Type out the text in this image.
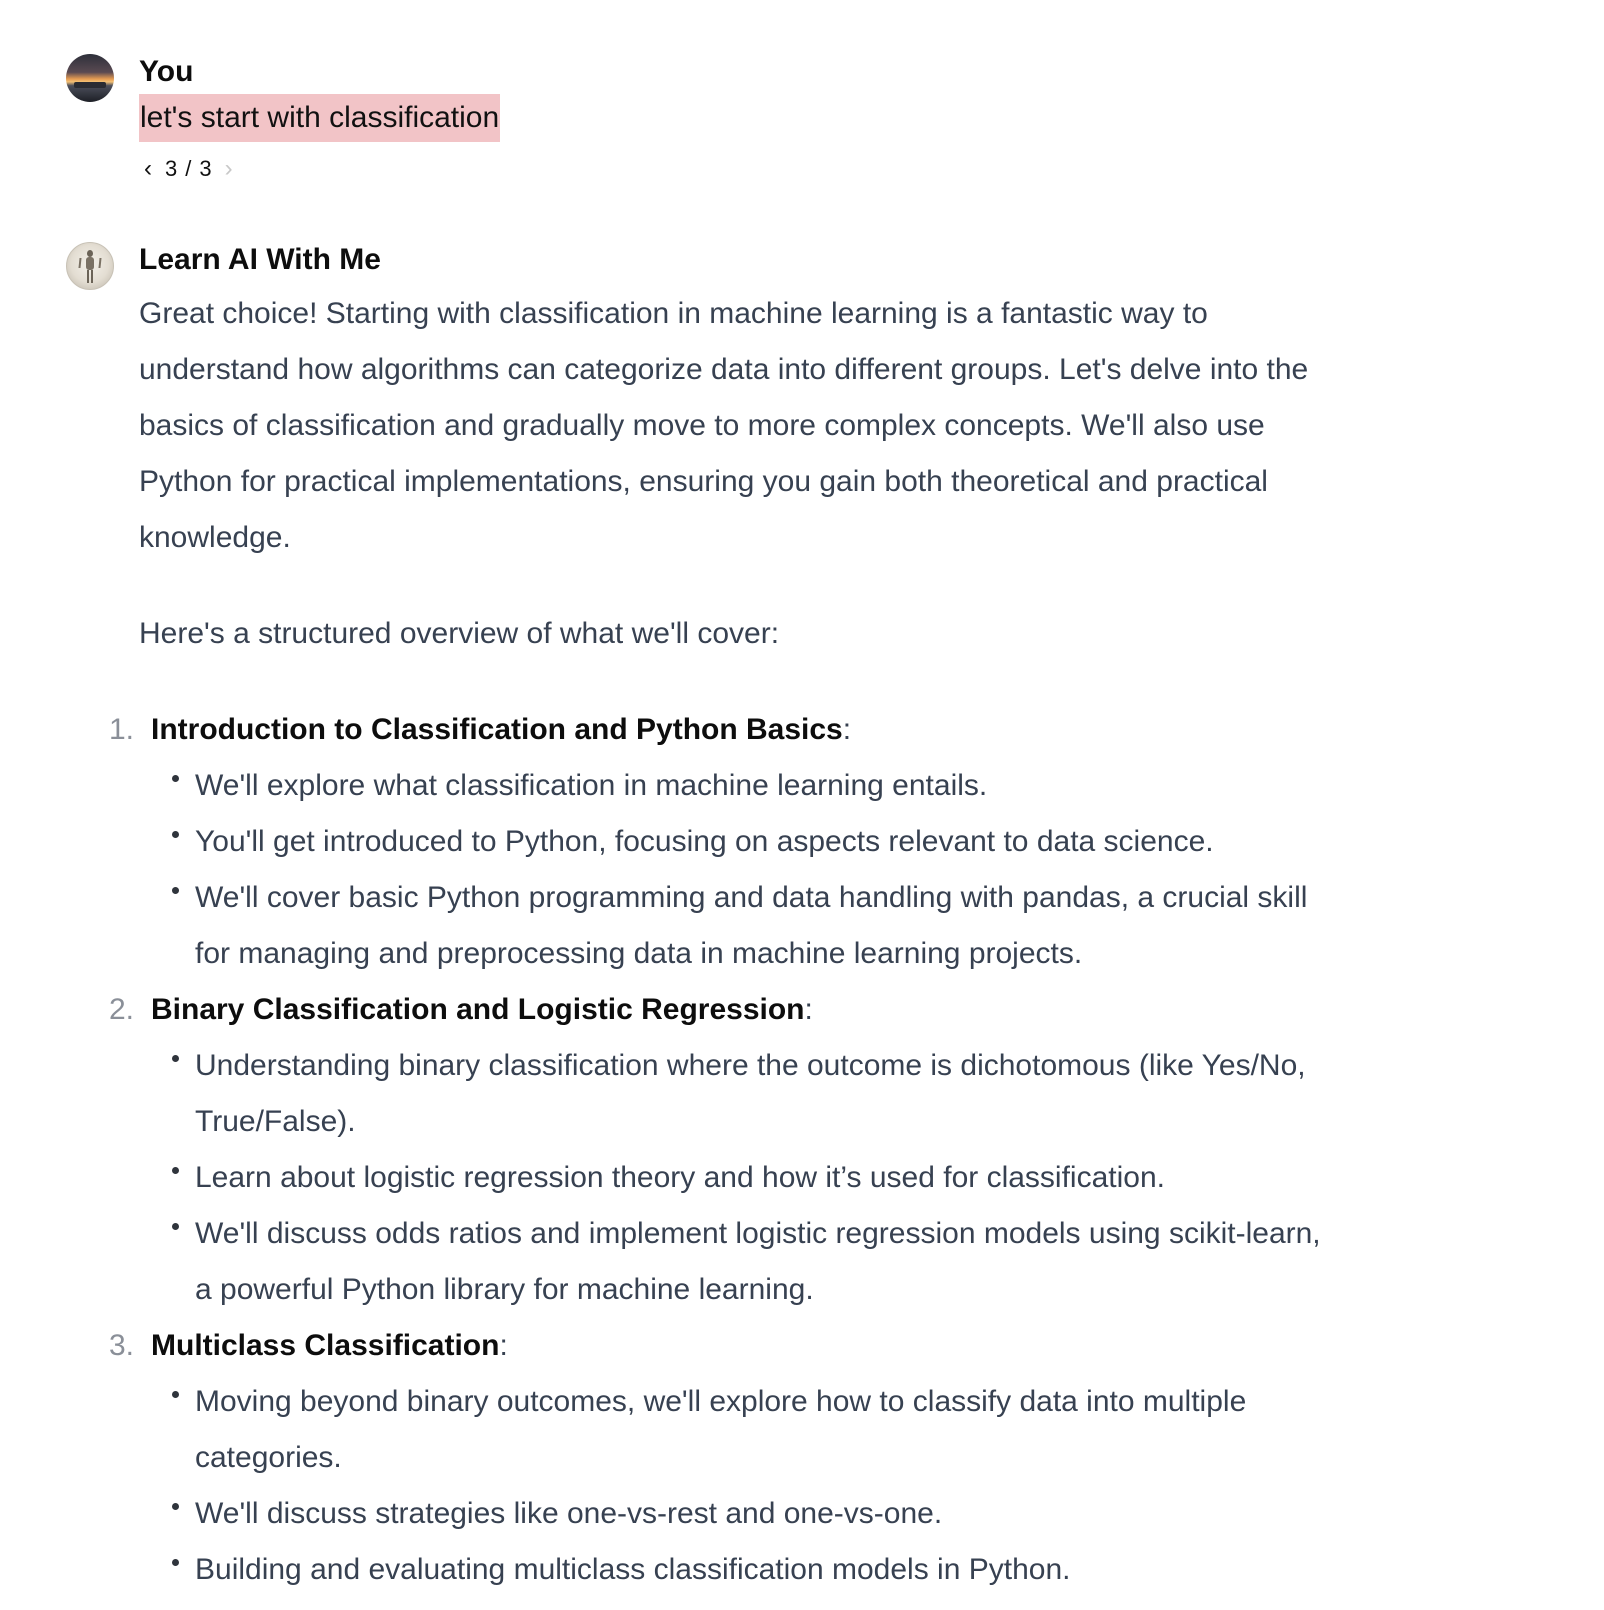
You
let's start with classification
‹ 3 / 3 ›
Learn AI With Me

Great choice! Starting with classification in machine learning is a fantastic way to understand how algorithms can categorize data into different groups. Let's delve into the basics of classification and gradually move to more complex concepts. We'll also use Python for practical implementations, ensuring you gain both theoretical and practical knowledge.

Here's a structured overview of what we'll cover:

1. Introduction to Classification and Python Basics:
We'll explore what classification in machine learning entails.
You'll get introduced to Python, focusing on aspects relevant to data science.
We'll cover basic Python programming and data handling with pandas, a crucial skill for managing and preprocessing data in machine learning projects.
2. Binary Classification and Logistic Regression:
Understanding binary classification where the outcome is dichotomous (like Yes/No, True/False).
Learn about logistic regression theory and how it’s used for classification.
We'll discuss odds ratios and implement logistic regression models using scikit-learn, a powerful Python library for machine learning.
3. Multiclass Classification:
Moving beyond binary outcomes, we'll explore how to classify data into multiple categories.
We'll discuss strategies like one-vs-rest and one-vs-one.
Building and evaluating multiclass classification models in Python.
